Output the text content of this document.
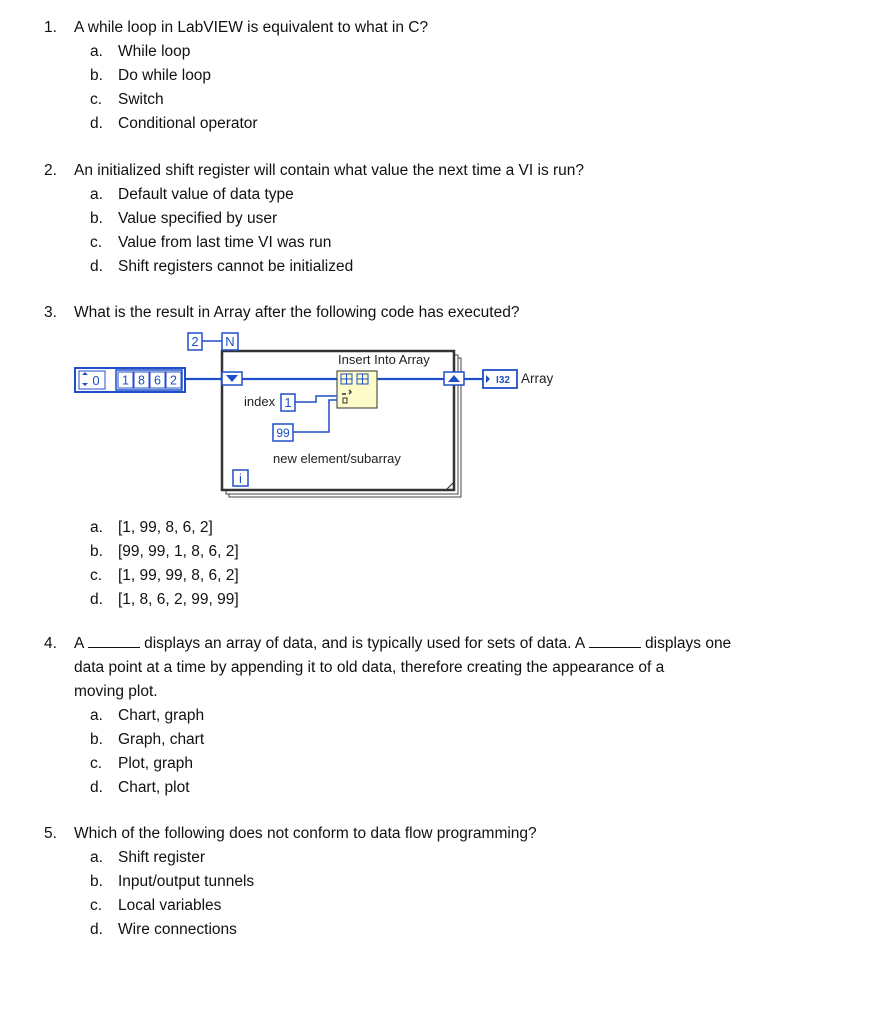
1.	A while loop in LabVIEW is equivalent to what in C?
a. While loop
b. Do while loop
c.	Switch
d. Conditional operator
2.	An initialized shift register will contain what value the next time a VI is run?
a. Default value of data type
b. Value specified by user
c.	Value from last time VI was run
d. Shift registers cannot be initialized
3.	What is the result in Array after the following code has executed?
2 N
0 1 8 6 2
Insert Into Array
I32 Array
index 1
99
new element/subarray
i
a. [1, 99, 8, 6, 2]
b. [99, 99, 1, 8, 6, 2]
c.	[1, 99, 99, 8, 6, 2]
d. [1, 8, 6, 2, 99, 99]
4.	A	displays an array of data, and is typically used for sets of data. A	displays one
data point at a time by appending it to old data, therefore creating the appearance of a
moving plot.
a. Chart, graph
b. Graph, chart
c.	Plot, graph
d. Chart, plot
5.	Which of the following does not conform to data flow programming?
a. Shift register
b. Input/output tunnels
c.	Local variables
d. Wire connections
